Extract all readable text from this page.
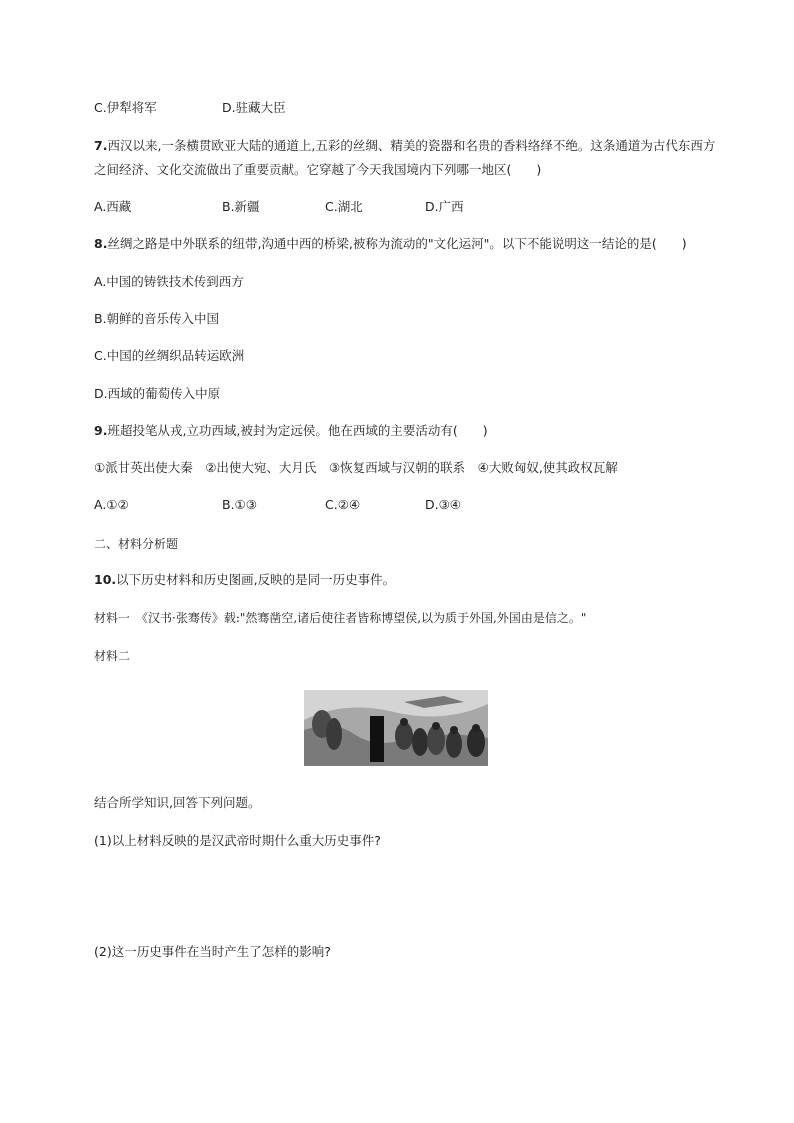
C.伊犁将军	D.驻藏大臣
7.西汉以来,一条横贯欧亚大陆的通道上,五彩的丝绸、精美的瓷器和名贵的香料络绎不绝。这条通道为古代东西方
之间经济、文化交流做出了重要贡献。它穿越了今天我国境内下列哪一地区(　　)
A.西藏	B.新疆	C.湖北	D.广西
8.丝绸之路是中外联系的纽带,沟通中西的桥梁,被称为流动的"文化运河"。以下不能说明这一结论的是(　　)
A.中国的铸铁技术传到西方
B.朝鲜的音乐传入中国
C.中国的丝绸织品转运欧洲
D.西域的葡萄传入中原
9.班超投笔从戎,立功西域,被封为定远侯。他在西域的主要活动有(　　)
①派甘英出使大秦　②出使大宛、大月氏　③恢复西域与汉朝的联系　④大败匈奴,使其政权瓦解
A.①②	B.①③	C.②④	D.③④
二、材料分析题
10.以下历史材料和历史图画,反映的是同一历史事件。
材料一　《汉书·张骞传》载:"然骞凿空,诸后使往者皆称博望侯,以为质于外国,外国由是信之。"
材料二
结合所学知识,回答下列问题。
(1)以上材料反映的是汉武帝时期什么重大历史事件?
(2)这一历史事件在当时产生了怎样的影响?
